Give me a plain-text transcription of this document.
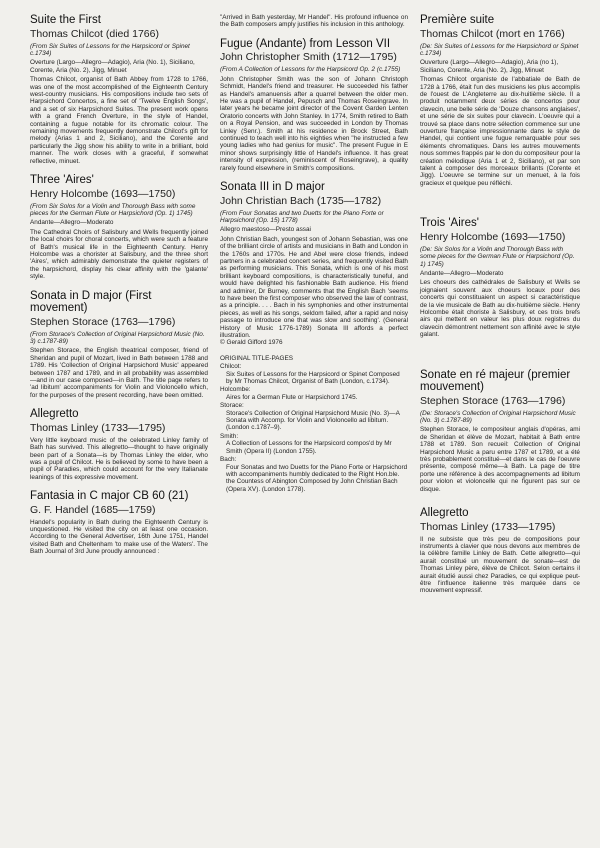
Suite the First
Thomas Chilcot (died 1766)

(From Six Suites of Lessons for the Harpsicord or Spinet c.1734)

Overture (Largo—Allegro—Adagio), Aria (No. 1), Siciliano, Corente, Aria (No. 2), Jigg, Minuet

Thomas Chilcot, organist of Bath Abbey from 1728 to 1766, was one of the most accomplished of the Eighteenth Century west-country musicians. His compositions include two sets of Harpsichord Concertos, a fine set of 'Twelve English Songs', and a set of six Harpsichord Suites. The present work opens with a grand French Overture, in the style of Handel, containing a fugue notable for its chromatic colour. The remaining movements frequently demonstrate Chilcot's gift for melody (Arias 1 and 2, Siciliano), and the Corente and particularly the Jigg show his ability to write in a brilliant, bold manner. The work closes with a graceful, if somewhat reflective, minuet.

Three 'Aires'
Henry Holcombe (1693—1750)

(From Six Solos for a Violin and Thorough Bass with some pieces for the German Flute or Harpsichord (Op. 1) 1745)

Andante—Allegro—Moderato

The Cathedral Choirs of Salisbury and Wells frequently joined the local choirs for choral concerts, which were such a feature of Bath's musical life in the Eighteenth Century. Henry Holcombe was a chorister at Salisbury, and the three short 'Aires', which admirably demonstrate the quieter registers of the harpsichord, display his clear affinity with the 'galante' style.

Sonata in D major (First movement)
Stephen Storace (1763—1796)

(From Storace's Collection of Original Harpsichord Music (No. 3) c.1787-89)

Stephen Storace, the English theatrical composer, friend of Sheridan and pupil of Mozart, lived in Bath between 1788 and 1789. His 'Collection of Original Harpsichord Music' appeared between 1787 and 1789, and in all probability was assembled—and in our case composed—in Bath. The title page refers to 'ad libitum' accompaniments for Violin and Violoncello which, for the purposes of the present recording, have been omitted.

Allegretto
Thomas Linley (1733—1795)

Very little keyboard music of the celebrated Linley family of Bath has survived. This allegretto—thought to have originally been part of a Sonata—is by Thomas Linley the elder, who was a pupil of Chilcot. He is believed by some to have been a pupil of Paradies, which could account for the very Italianate leanings of this expressive movement.

Fantasia in C major CB 60 (21)
G. F. Handel (1685—1759)

Handel's popularity in Bath during the Eighteenth Century is unquestioned. He visited the city on at least one occasion. According to the General Advertiser, 16th June 1751, Handel visited Bath and Cheltenham 'to make use of the Waters'. The Bath Journal of 3rd June proudly announced :

"Arrived in Bath yesterday, Mr Handel". His profound influence on the Bath composers amply justifies his inclusion in this anthology.

Fugue (Andante) from Lesson VII
John Christopher Smith (1712—1795)

(From A Collection of Lessons for the Harpsicord Op. 2 (c.1755)

John Christopher Smith was the son of Johann Christoph Schmidt, Handel's friend and treasurer. He succeeded his father as Handel's amanuensis after a quarrel between the older men. He was a pupil of Handel, Pepusch and Thomas Roseingrave. In later years he became joint director of the Covent Garden Lenten Oratorio concerts with John Stanley. In 1774, Smith retired to Bath on a Royal Pension, and was succeeded in London by Thomas Linley (Senr.). Smith at his residence in Brock Street, Bath continued to teach well into his eighties when "he instructed a few young ladies who had genius for music". The present Fugue in E minor shows surprisingly little of Handel's influence. It has great intensity of expression, (reminiscent of Roseingrave), a quality rarely found elsewhere in Smith's compositions.

Sonata III in D major
John Christian Bach (1735—1782)

(From Four Sonatas and two Duetts for the Piano Forte or Harpsichord (Op. 15) 1778)

Allegro maestoso—Presto assai

John Christian Bach, youngest son of Johann Sebastian, was one of the brilliant circle of artists and musicians in Bath and London in the 1760s and 1770s. He and Abel were close friends, indeed partners in a celebrated concert series, and frequently visited Bath as performing musicians. This Sonata, which is one of his most brilliant keyboard compositions, is characteristically tuneful, and would have delighted his fashionable Bath audience. His friend and admirer, Dr Burney, comments that the English Bach 'seems to have been the first composer who observed the law of contrast, as a principle. . . . Bach in his symphonies and other instrumental pieces, as well as his songs, seldom failed, after a rapid and noisy passage to introduce one that was slow and soothing'. (General History of Music 1776-1789) Sonata III affords a perfect illustration.

© Gerald Gifford 1976

ORIGINAL TITLE-PAGES
Chilcot:
Six Suites of Lessons for the Harpsicord or Spinet Composed by Mr Thomas Chilcot, Organist of Bath (London, c.1734).
Holcombe:
Aires for a German Flute or Harpsichord 1745.
Storace:
Storace's Collection of Original Harpsichord Music (No. 3)—A Sonata with Accomp. for Violin and Violoncello ad libitum. (London c.1787–9).
Smith:
A Collection of Lessons for the Harpsicord compos'd by Mr Smith (Opera II) (London 1755).
Bach:
Four Sonatas and two Duetts for the Piano Forte or Harpsichord with accompaniments humbly dedicated to the Right Hon.ble. the Countess of Abington Composed by John Christian Bach (Opera XV). (London 1778).
Première suite
Thomas Chilcot (mort en 1766)

(De: Six Suites of Lessons for the Harpsichord or Spinet c.1734)

Ouverture (Largo—Allegro—Adagio), Aria (no 1), Siciliano, Corente, Aria (No. 2), Jigg, Minuet

Thomas Chilcot organiste de l'abbatiale de Bath de 1728 à 1766, était l'un des musiciens les plus accomplis de l'ouest de L'Angleterre au dix-huitième siècle. Il a produit notamment deux séries de concertos pour clavecin, une belle série de 'Douze chansons anglaises', et une série de six suites pour clavecin. L'oeuvre qui a trouvé sa place dans notre sélection commence sur une ouverture française impressionnante dans le style de Handel, qui contient une fugue remarquable pour ses éléments chromatiques. Dans les autres mouvements nous sommes frappés par le don du compositeur pour la création mélodique (Aria 1 et 2, Siciliano), et par son talent à composer des morceaux brillants (Corente et Jigg). L'oeuvre se termine sur un menuet, à la fois gracieux et quelque peu réfléchi.

Trois 'Aires'
Henry Holcombe (1693—1750)

(De: Six Solos for a Violin and Thorough Bass with some pieces for the German Flute or Harpsichord (Op. 1) 1745)

Andante—Allegro—Moderato

Les choeurs des cathédrales de Salisbury et Wells se joignaient souvent aux choeurs locaux pour des concerts qui constituaient un aspect si caractéristique de la vie musicale de Bath au dix-huitième siècle. Henry Holcombe était choriste à Salisbury, et ces trois brefs airs qui mettent en valeur les plus doux registres du clavecin démontrent nettement son affinité avec le style galant.

Sonate en ré majeur (premier mouvement)
Stephen Storace (1763—1796)

(De: Storace's Collection of Original Harpsichord Music (No. 3) c.1787-89)

Stephen Storace, le compositeur anglais d'opéras, ami de Sheridan et élève de Mozart, habitait à Bath entre 1788 et 1789. Son recueil: Collection of Original Harpsichord Music a paru entre 1787 et 1789, et a été très probablement constitué—et dans le cas de l'oeuvre présente, composé même—à Bath. La page de titre porte une référence à des accompagnements ad libitum pour violon et violoncelle qui ne figurent pas sur ce disque.

Allegretto
Thomas Linley (1733—1795)

Il ne subsiste que très peu de compositions pour instruments à clavier que nous devons aux membres de la célèbre famille Linley de Bath. Cette allegretto—qui aurait constitué un mouvement de sonate—est de Thomas Linley père, élève de Chilcot. Selon certains il aurait étudié aussi chez Paradies, ce qui explique peut-être l'influence italienne très marquée dans ce mouvement expressif.
